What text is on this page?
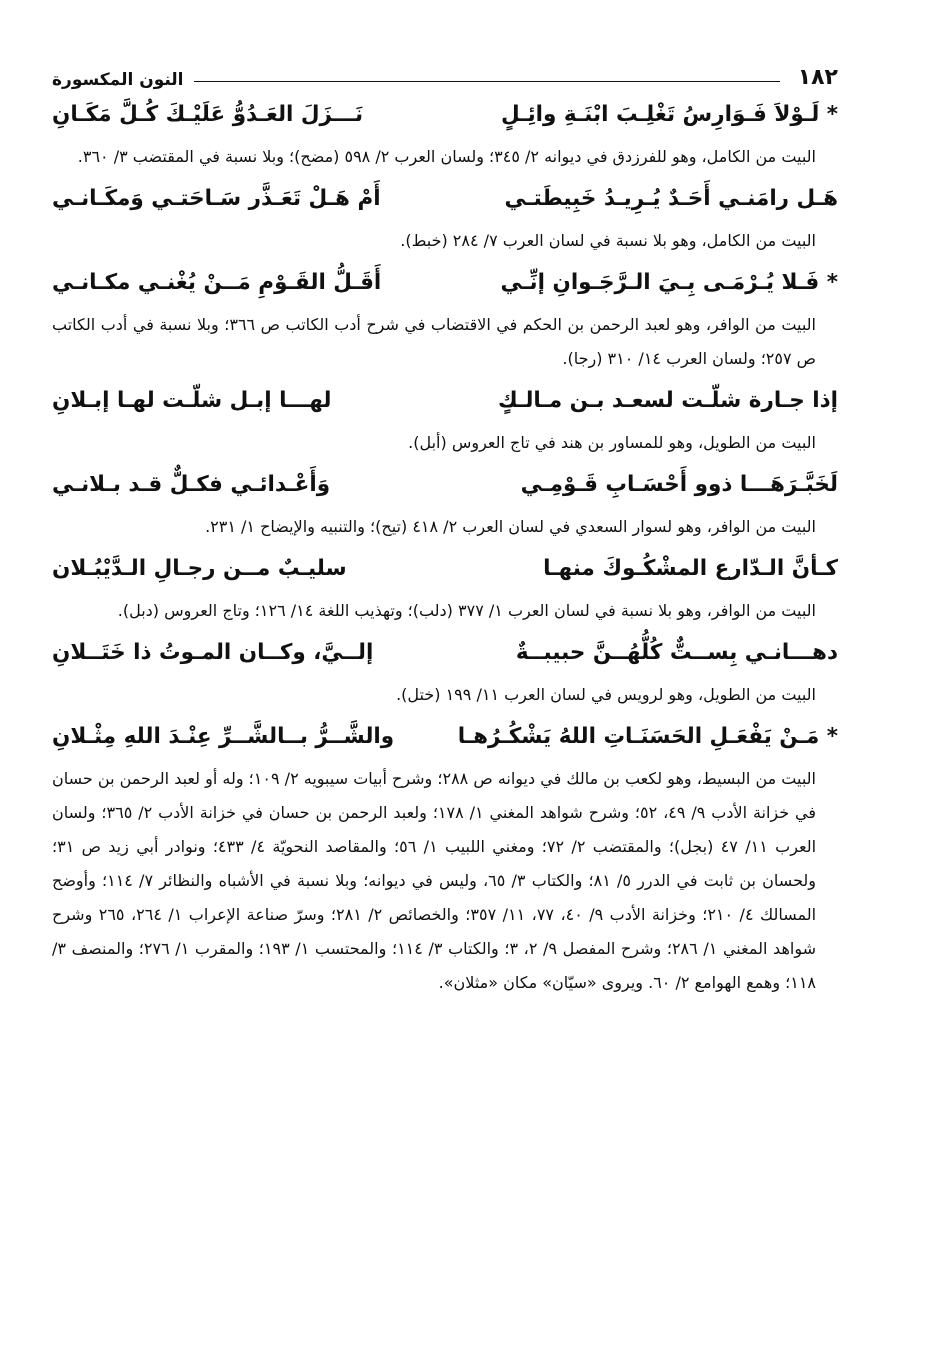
١٨٢
النون المكسورة
* لَـوْلاَ فَـوَارِسُ تَغْلِـبَ ابْنَـةِ وائِـلٍ
نَـــزَلَ العَـدُوُّ عَلَيْـكَ كُـلَّ مَكَـانِ
البيت من الكامل، وهو للفرزدق في ديوانه ٢/ ٣٤٥؛ ولسان العرب ٢/ ٥٩٨ (مضح)؛ وبلا نسبة في المقتضب ٣/ ٣٦٠.
هَـل رامَنـي أَحَـدٌ يُـرِيـدُ خَبِيطَتـي
أَمْ هَـلْ تَعَـذَّر سَـاحَتـي وَمكَـانـي
البيت من الكامل، وهو بلا نسبة في لسان العرب ٧/ ٢٨٤ (خبط).
* فَـلا يُـرْمَـى بِـيَ الـرَّجَـوانِ إنِّـي
أَقَـلُّ القَـوْمِ مَــنْ يُغْنـي مكـانـي
البيت من الوافر، وهو لعبد الرحمن بن الحكم في الاقتضاب في شرح أدب الكاتب ص ٣٦٦؛ وبلا نسبة في أدب الكاتب ص ٢٥٧؛ ولسان العرب ١٤/ ٣١٠ (رجا).
إذا جـارة شلّـت لسعـد بـن مـالـكٍ
لهـــا إبـل شلّـت لهـا إبـلانِ
البيت من الطويل، وهو للمساور بن هند في تاج العروس (أبل).
لَخَبَّـرَهَـــا ذوو أَحْسَـابِ قَـوْمِـي
وَأَعْـدائـي فكـلٌّ قـد بـلانـي
البيت من الوافر، وهو لسوار السعدي في لسان العرب ٢/ ٤١٨ (تيح)؛ والتنبيه والإيضاح ١/ ٢٣١.
كـأنَّ الـدّارع المشْكُـوكَ منهـا
سليـبٌ مــن رجـالِ الـدَّيْبُـلان
البيت من الوافر، وهو بلا نسبة في لسان العرب ١/ ٣٧٧ (دلب)؛ وتهذيب اللغة ١٤/ ١٢٦؛ وتاج العروس (دبل).
دهـــانـي بِســتٌّ كُلُّهُــنَّ حبيبــةٌ
إلــيَّ، وكــان المـوتُ ذا خَتَــلانِ
البيت من الطويل، وهو لرويس في لسان العرب ١١/ ١٩٩ (ختل).
* مَـنْ يَفْعَـلِ الحَسَنَـاتِ اللهُ يَشْكُـرُهـا
والشَّــرُّ بــالشَّــرِّ عِنْـدَ اللهِ مِثْـلانِ
البيت من البسيط، وهو لكعب بن مالك في ديوانه ص ٢٨٨؛ وشرح أبيات سيبويه ٢/ ١٠٩؛ وله أو لعبد الرحمن بن حسان في خزانة الأدب ٩/ ٤٩، ٥٢؛ وشرح شواهد المغني ١/ ١٧٨؛ ولعبد الرحمن بن حسان في خزانة الأدب ٢/ ٣٦٥؛ ولسان العرب ١١/ ٤٧ (بجل)؛ والمقتضب ٢/ ٧٢؛ ومغني اللبيب ١/ ٥٦؛ والمقاصد النحويّة ٤/ ٤٣٣؛ ونوادر أبي زيد ص ٣١؛ ولحسان بن ثابت في الدرر ٥/ ٨١؛ والكتاب ٣/ ٦٥، وليس في ديوانه؛ وبلا نسبة في الأشباه والنظائر ٧/ ١١٤؛ وأوضح المسالك ٤/ ٢١٠؛ وخزانة الأدب ٩/ ٤٠، ٧٧، ١١/ ٣٥٧؛ والخصائص ٢/ ٢٨١؛ وسرّ صناعة الإعراب ١/ ٢٦٤، ٢٦٥ وشرح شواهد المغني ١/ ٢٨٦؛ وشرح المفصل ٩/ ٢، ٣؛ والكتاب ٣/ ١١٤؛ والمحتسب ١/ ١٩٣؛ والمقرب ١/ ٢٧٦؛ والمنصف ٣/ ١١٨؛ وهمع الهوامع ٢/ ٦٠. ويروى «سيّان» مكان «مثلان».
